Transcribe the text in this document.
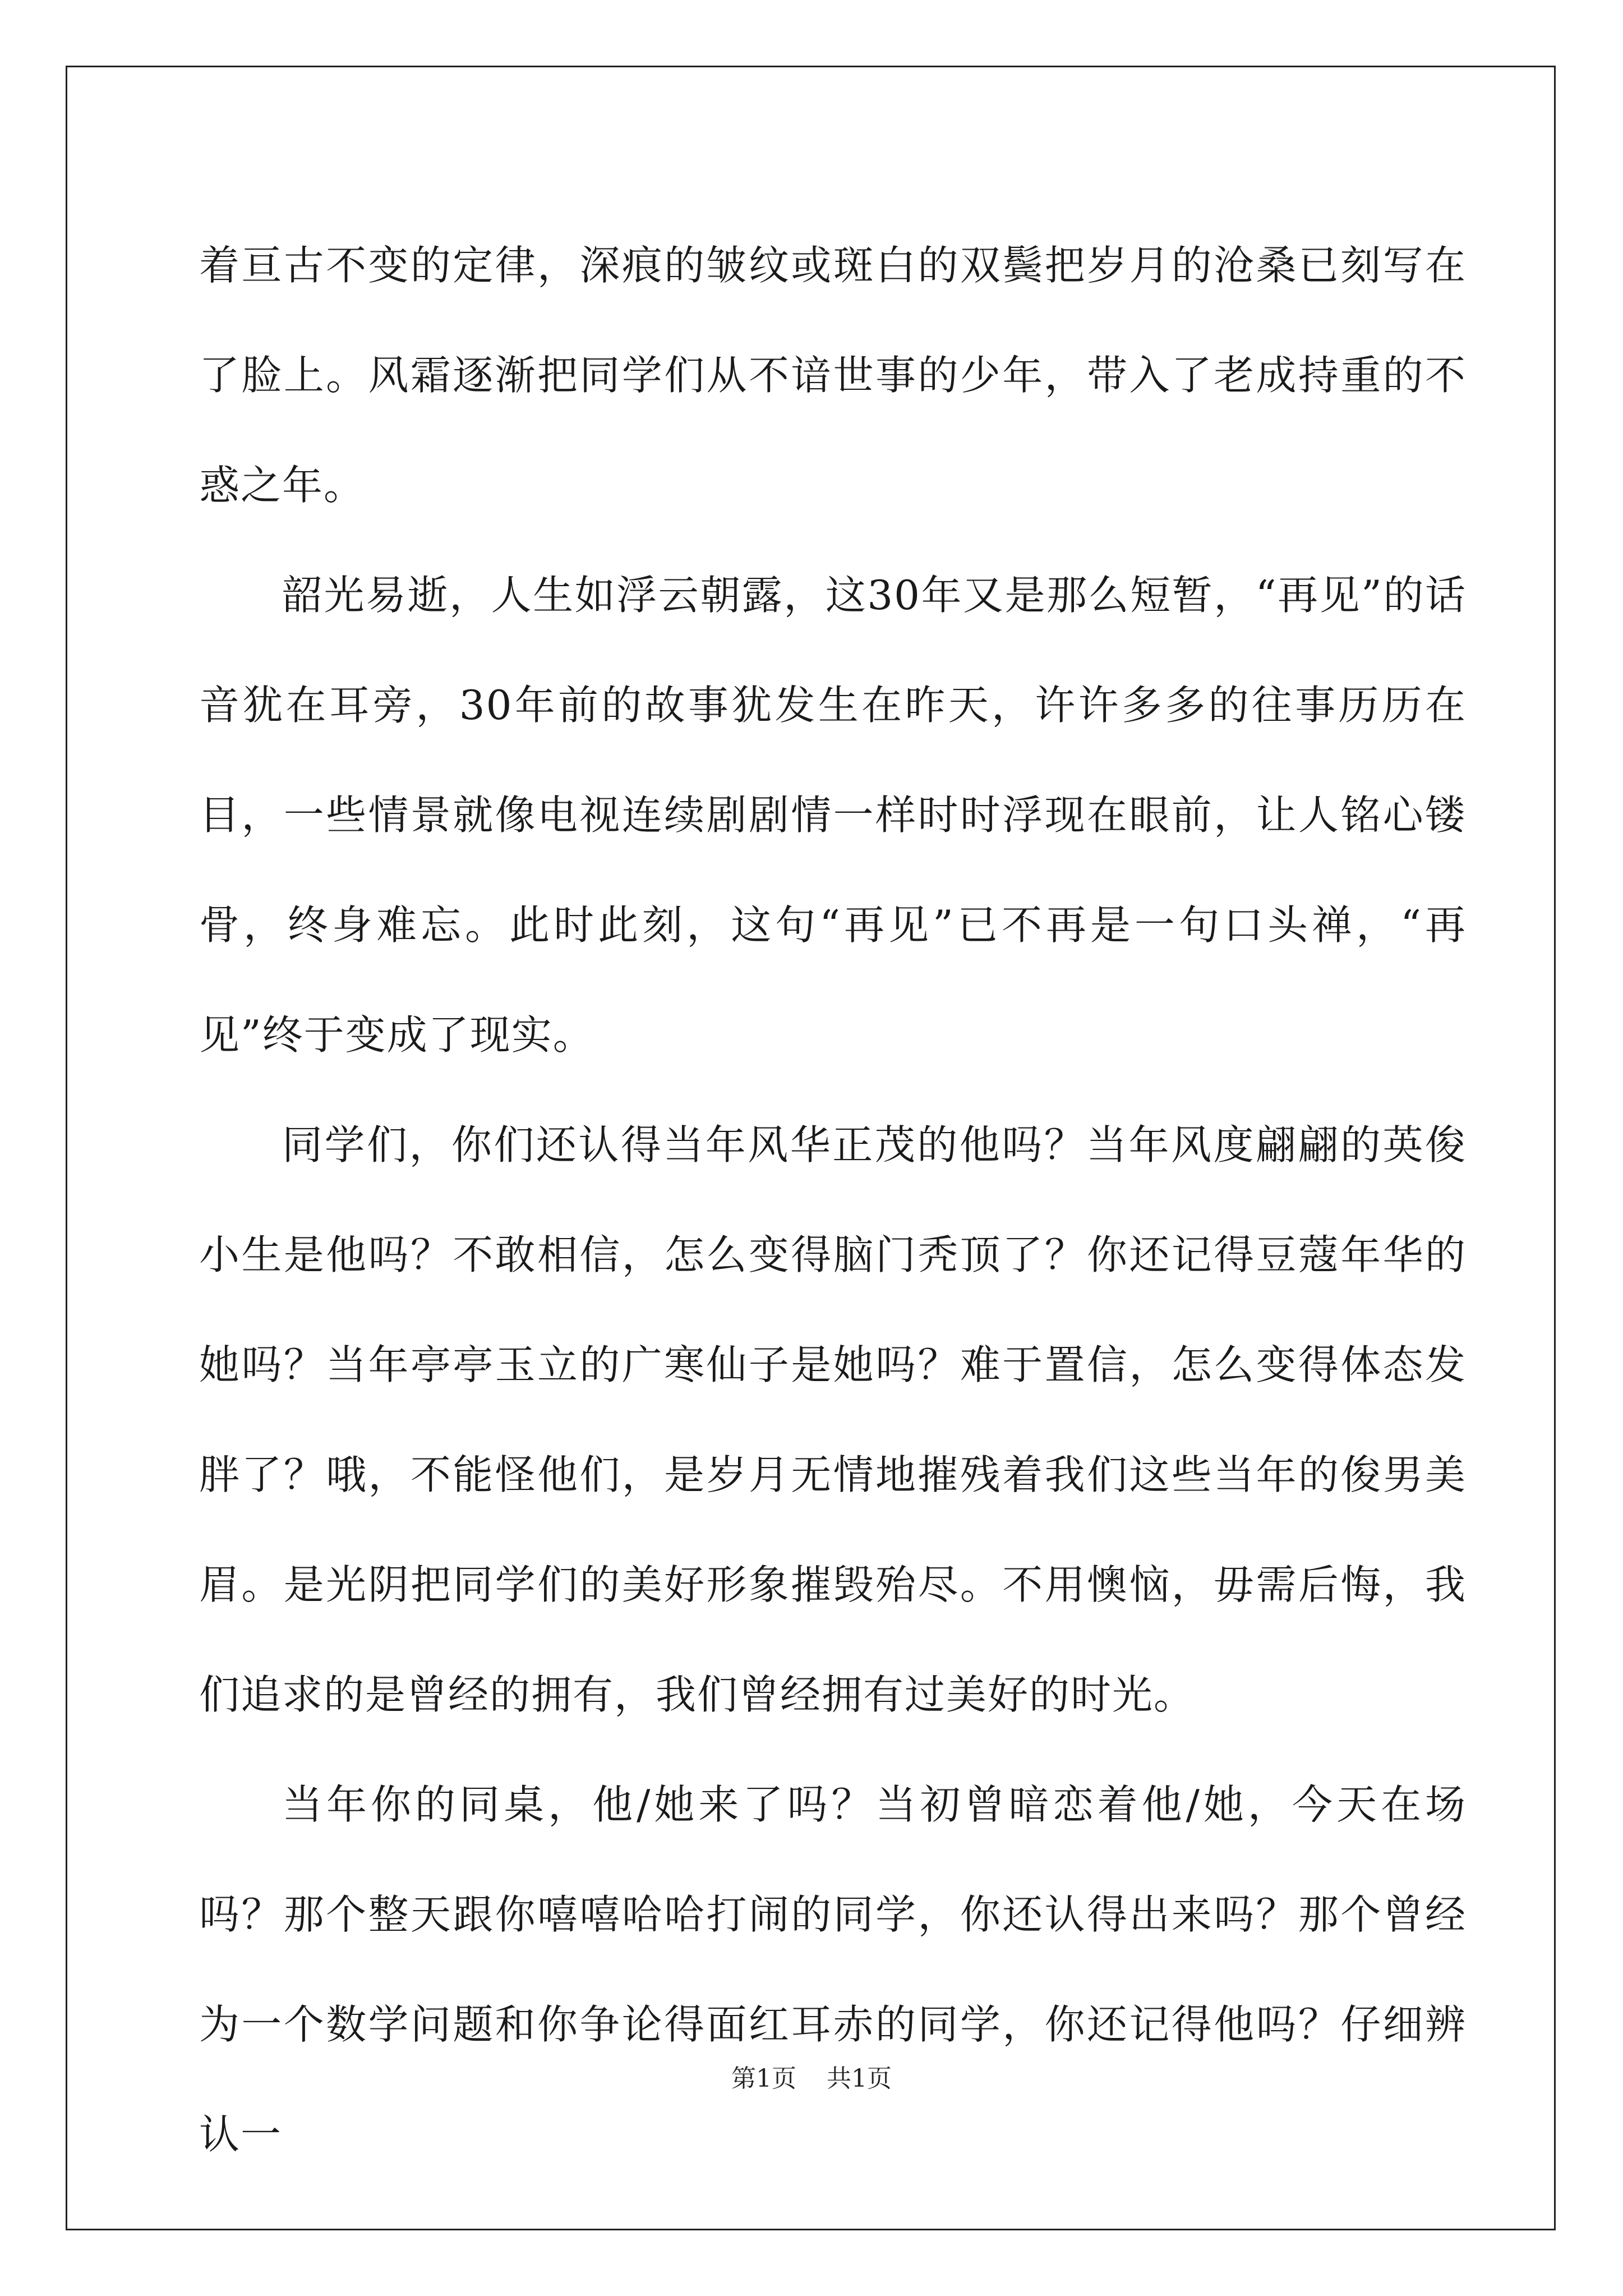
着亘古不变的定律，深痕的皱纹或斑白的双鬓把岁月的沧桑已刻写在了脸上。风霜逐渐把同学们从不谙世事的少年，带入了老成持重的不惑之年。

韶光易逝，人生如浮云朝露，这30年又是那么短暂，“再见”的话音犹在耳旁，30年前的故事犹发生在昨天，许许多多的往事历历在目，一些情景就像电视连续剧剧情一样时时浮现在眼前，让人铭心镂骨，终身难忘。此时此刻，这句“再见”已不再是一句口头禅，“再见”终于变成了现实。

同学们，你们还认得当年风华正茂的他吗？当年风度翩翩的英俊小生是他吗？不敢相信，怎么变得脑门秃顶了？你还记得豆蔻年华的她吗？当年亭亭玉立的广寒仙子是她吗？难于置信，怎么变得体态发胖了？哦，不能怪他们，是岁月无情地摧残着我们这些当年的俊男美眉。是光阴把同学们的美好形象摧毁殆尽。不用懊恼，毋需后悔，我们追求的是曾经的拥有，我们曾经拥有过美好的时光。

当年你的同桌，他/她来了吗？当初曾暗恋着他/她，今天在场吗？那个整天跟你嘻嘻哈哈打闹的同学，你还认得出来吗？那个曾经为一个数学问题和你争论得面红耳赤的同学，你还记得他吗？仔细辨认一

第1页 共1页
